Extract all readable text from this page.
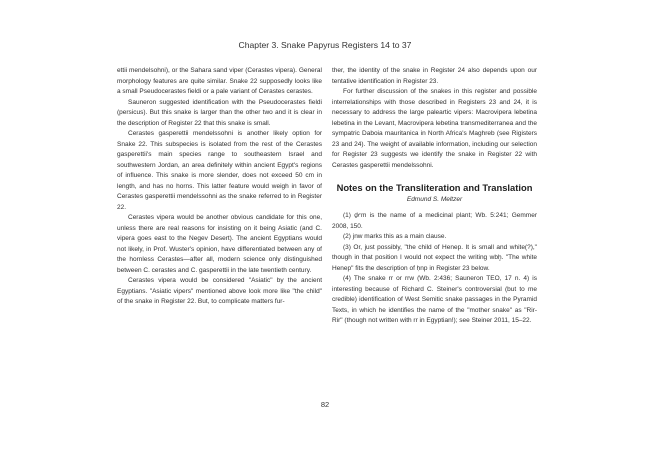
Chapter 3. Snake Papyrus Registers 14 to 37

ettii mendelsohni), or the Sahara sand viper (Cerastes vipera). General morphology features are quite similar. Snake 22 supposedly looks like a small Pseudocerastes fieldi or a pale variant of Cerastes cerastes.

Sauneron suggested identification with the Pseudocerastes fieldi (persicus). But this snake is larger than the other two and it is clear in the description of Register 22 that this snake is small.

Cerastes gasperettii mendelssohni is another likely option for Snake 22. This subspecies is isolated from the rest of the Cerastes gasperettii's main species range to southeastern Israel and southwestern Jordan, an area definitely within ancient Egypt's regions of influence. This snake is more slender, does not exceed 50 cm in length, and has no horns. This latter feature would weigh in favor of Cerastes gasperettii mendelssohni as the snake referred to in Register 22.

Cerastes vipera would be another obvious candidate for this one, unless there are real reasons for insisting on it being Asiatic (and C. vipera goes east to the Negev Desert). The ancient Egyptians would not likely, in Prof. Wuster's opinion, have differentiated between any of the hornless Cerastes—after all, modern science only distinguished between C. cerastes and C. gasperettii in the late twentieth century.

Cerastes vipera would be considered "Asiatic" by the ancient Egyptians. "Asiatic vipers" mentioned above look more like "the child" of the snake in Register 22. But, to complicate matters fur-

ther, the identity of the snake in Register 24 also depends upon our tentative identification in Register 23.

For further discussion of the snakes in this register and possible interrelationships with those described in Registers 23 and 24, it is necessary to address the large paleartic vipers: Macrovipera lebetina lebetina in the Levant, Macrovipera lebetina transmediterranea and the sympatric Daboia mauritanica in North Africa's Maghreb (see Rigisters 23 and 24). The weight of available information, including our selection for Register 23 suggests we identify the snake in Register 22 with Cerastes gasperettii mendelssohni.

Notes on the Transliteration and Translation
Edmund S. Meltzer

(1) ḏꜥm is the name of a medicinal plant; Wb. 5:241; Gemmer 2008, 150.

(2) jnw marks this as a main clause.

(3) Or, just possibly, "the child of Henep. It is small and white(?)," though in that position I would not expect the writing wbḫ. "The white Henep" fits the description of ḥnp in Register 23 below.

(4) The snake rr or rrw (Wb. 2:436; Sauneron TEO, 17 n. 4) is interesting because of Richard C. Steiner's controversial (but to me credible) identification of West Semitic snake passages in the Pyramid Texts, in which he identifies the name of the "mother snake" as "Rir-Rir" (though not written with rr in Egyptian!); see Steiner 2011, 15–22.

82
